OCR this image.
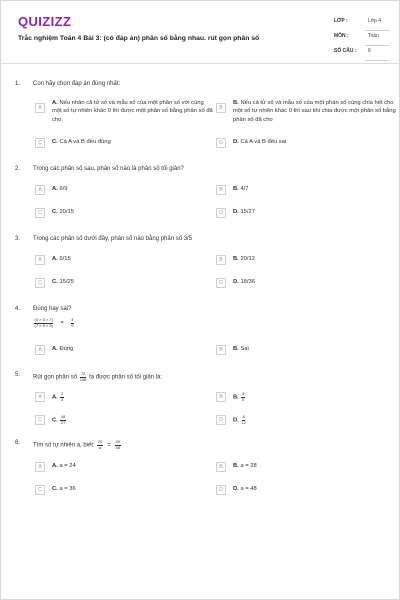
QUIZIZZ
Trắc nghiệm Toán 4 Bài 3: (có đáp án) phân số bằng nhau. rút gọn phân số
LỚP :	Lớp 4
MÔN :	Toán
SỐ CÂU : 6
1. Con hãy chọn đáp án đúng nhất:
A
A. Nếu nhân cả tử số và mẫu số của một phân số với cùng một số tự nhiên khác 0 thì được một phân số bằng phân số đã cho.
B
B. Nếu cả tử số và mẫu số của một phân số cùng chia hết cho một số tự nhiên khác 0 thì sau khi chia được một phân số bằng phân số đã cho
C	C. Cả A và B đều đúng	D	D. Cả A và B đều sai
2. Trong các phân số sau, phân số nào là phân số tối giản?
A	A. 6/9	B	B. 4/7
C	C. 20/15	D	D. 15/27
3. Trong các phân số dưới đây, phân số nào bằng phân số 3/5
A	A. 6/15	B	B. 20/12
C	C. 15/25	D	D. 18/36
4. Đúng hay sai?
$\frac{(4 \times 5 \times 7)}{(7 \times 5 \times 9)} = \frac{4}{9}$
A	A. Đúng	B	B. Sai
5. Rút gọn phân số $\frac{72}{108}$ ta được phân số tối giản là:
A	A. $\frac{2}{3}$	B	B. $\frac{3}{5}$
C	C. $\frac{18}{27}$	D	D. $\frac{8}{12}$
6. Tìm số tự nhiên a, biết: $\frac{20}{a} = \frac{40}{48}$
A	A. a = 24	B	B. a = 28
C	C. a = 36	D	D. a = 48
